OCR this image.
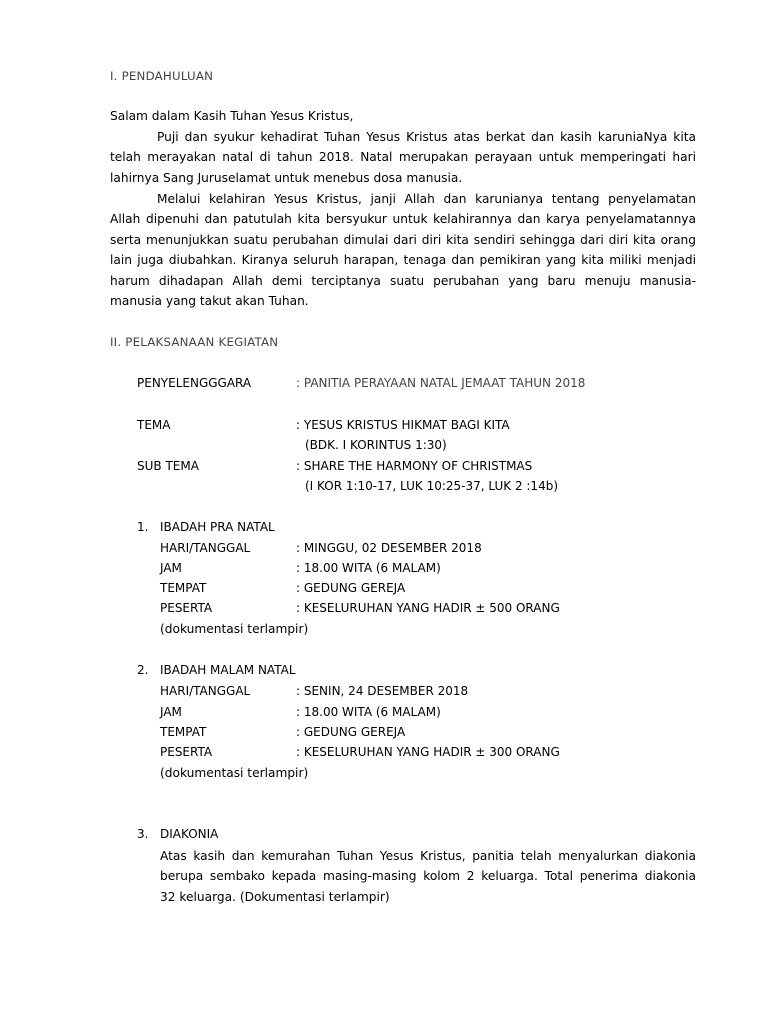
I. PENDAHULUAN
Salam dalam Kasih Tuhan Yesus Kristus,
Puji dan syukur kehadirat Tuhan Yesus Kristus atas berkat dan kasih karuniaNya kita
telah merayakan natal di tahun 2018. Natal merupakan perayaan untuk memperingati hari
lahirnya Sang Juruselamat untuk menebus dosa manusia.
Melalui kelahiran Yesus Kristus, janji Allah dan karunianya tentang penyelamatan
Allah dipenuhi dan patutulah kita bersyukur untuk kelahirannya dan karya penyelamatannya
serta menunjukkan suatu perubahan dimulai dari diri kita sendiri sehingga dari diri kita orang
lain juga diubahkan. Kiranya seluruh harapan, tenaga dan pemikiran yang kita miliki menjadi
harum dihadapan Allah demi terciptanya suatu perubahan yang baru menuju manusia-
manusia yang takut akan Tuhan.
II. PELAKSANAAN KEGIATAN
PENYELENGGGARA	: PANITIA PERAYAAN NATAL JEMAAT TAHUN 2018
TEMA	: YESUS KRISTUS HIKMAT BAGI KITA
(BDK. I KORINTUS 1:30)
SUB TEMA	: SHARE THE HARMONY OF CHRISTMAS
(I KOR 1:10-17, LUK 10:25-37, LUK 2 :14b)
1. IBADAH PRA NATAL
HARI/TANGGAL	: MINGGU, 02 DESEMBER 2018
JAM	: 18.00 WITA (6 MALAM)
TEMPAT	: GEDUNG GEREJA
PESERTA	: KESELURUHAN YANG HADIR ± 500 ORANG
(dokumentasi terlampir)
2. IBADAH MALAM NATAL
HARI/TANGGAL	: SENIN, 24 DESEMBER 2018
JAM	: 18.00 WITA (6 MALAM)
TEMPAT	: GEDUNG GEREJA
PESERTA	: KESELURUHAN YANG HADIR ± 300 ORANG
(dokumentasi terlampir)
3. DIAKONIA
Atas kasih dan kemurahan Tuhan Yesus Kristus, panitia telah menyalurkan diakonia
berupa sembako kepada masing-masing kolom 2 keluarga. Total penerima diakonia
32 keluarga. (Dokumentasi terlampir)
